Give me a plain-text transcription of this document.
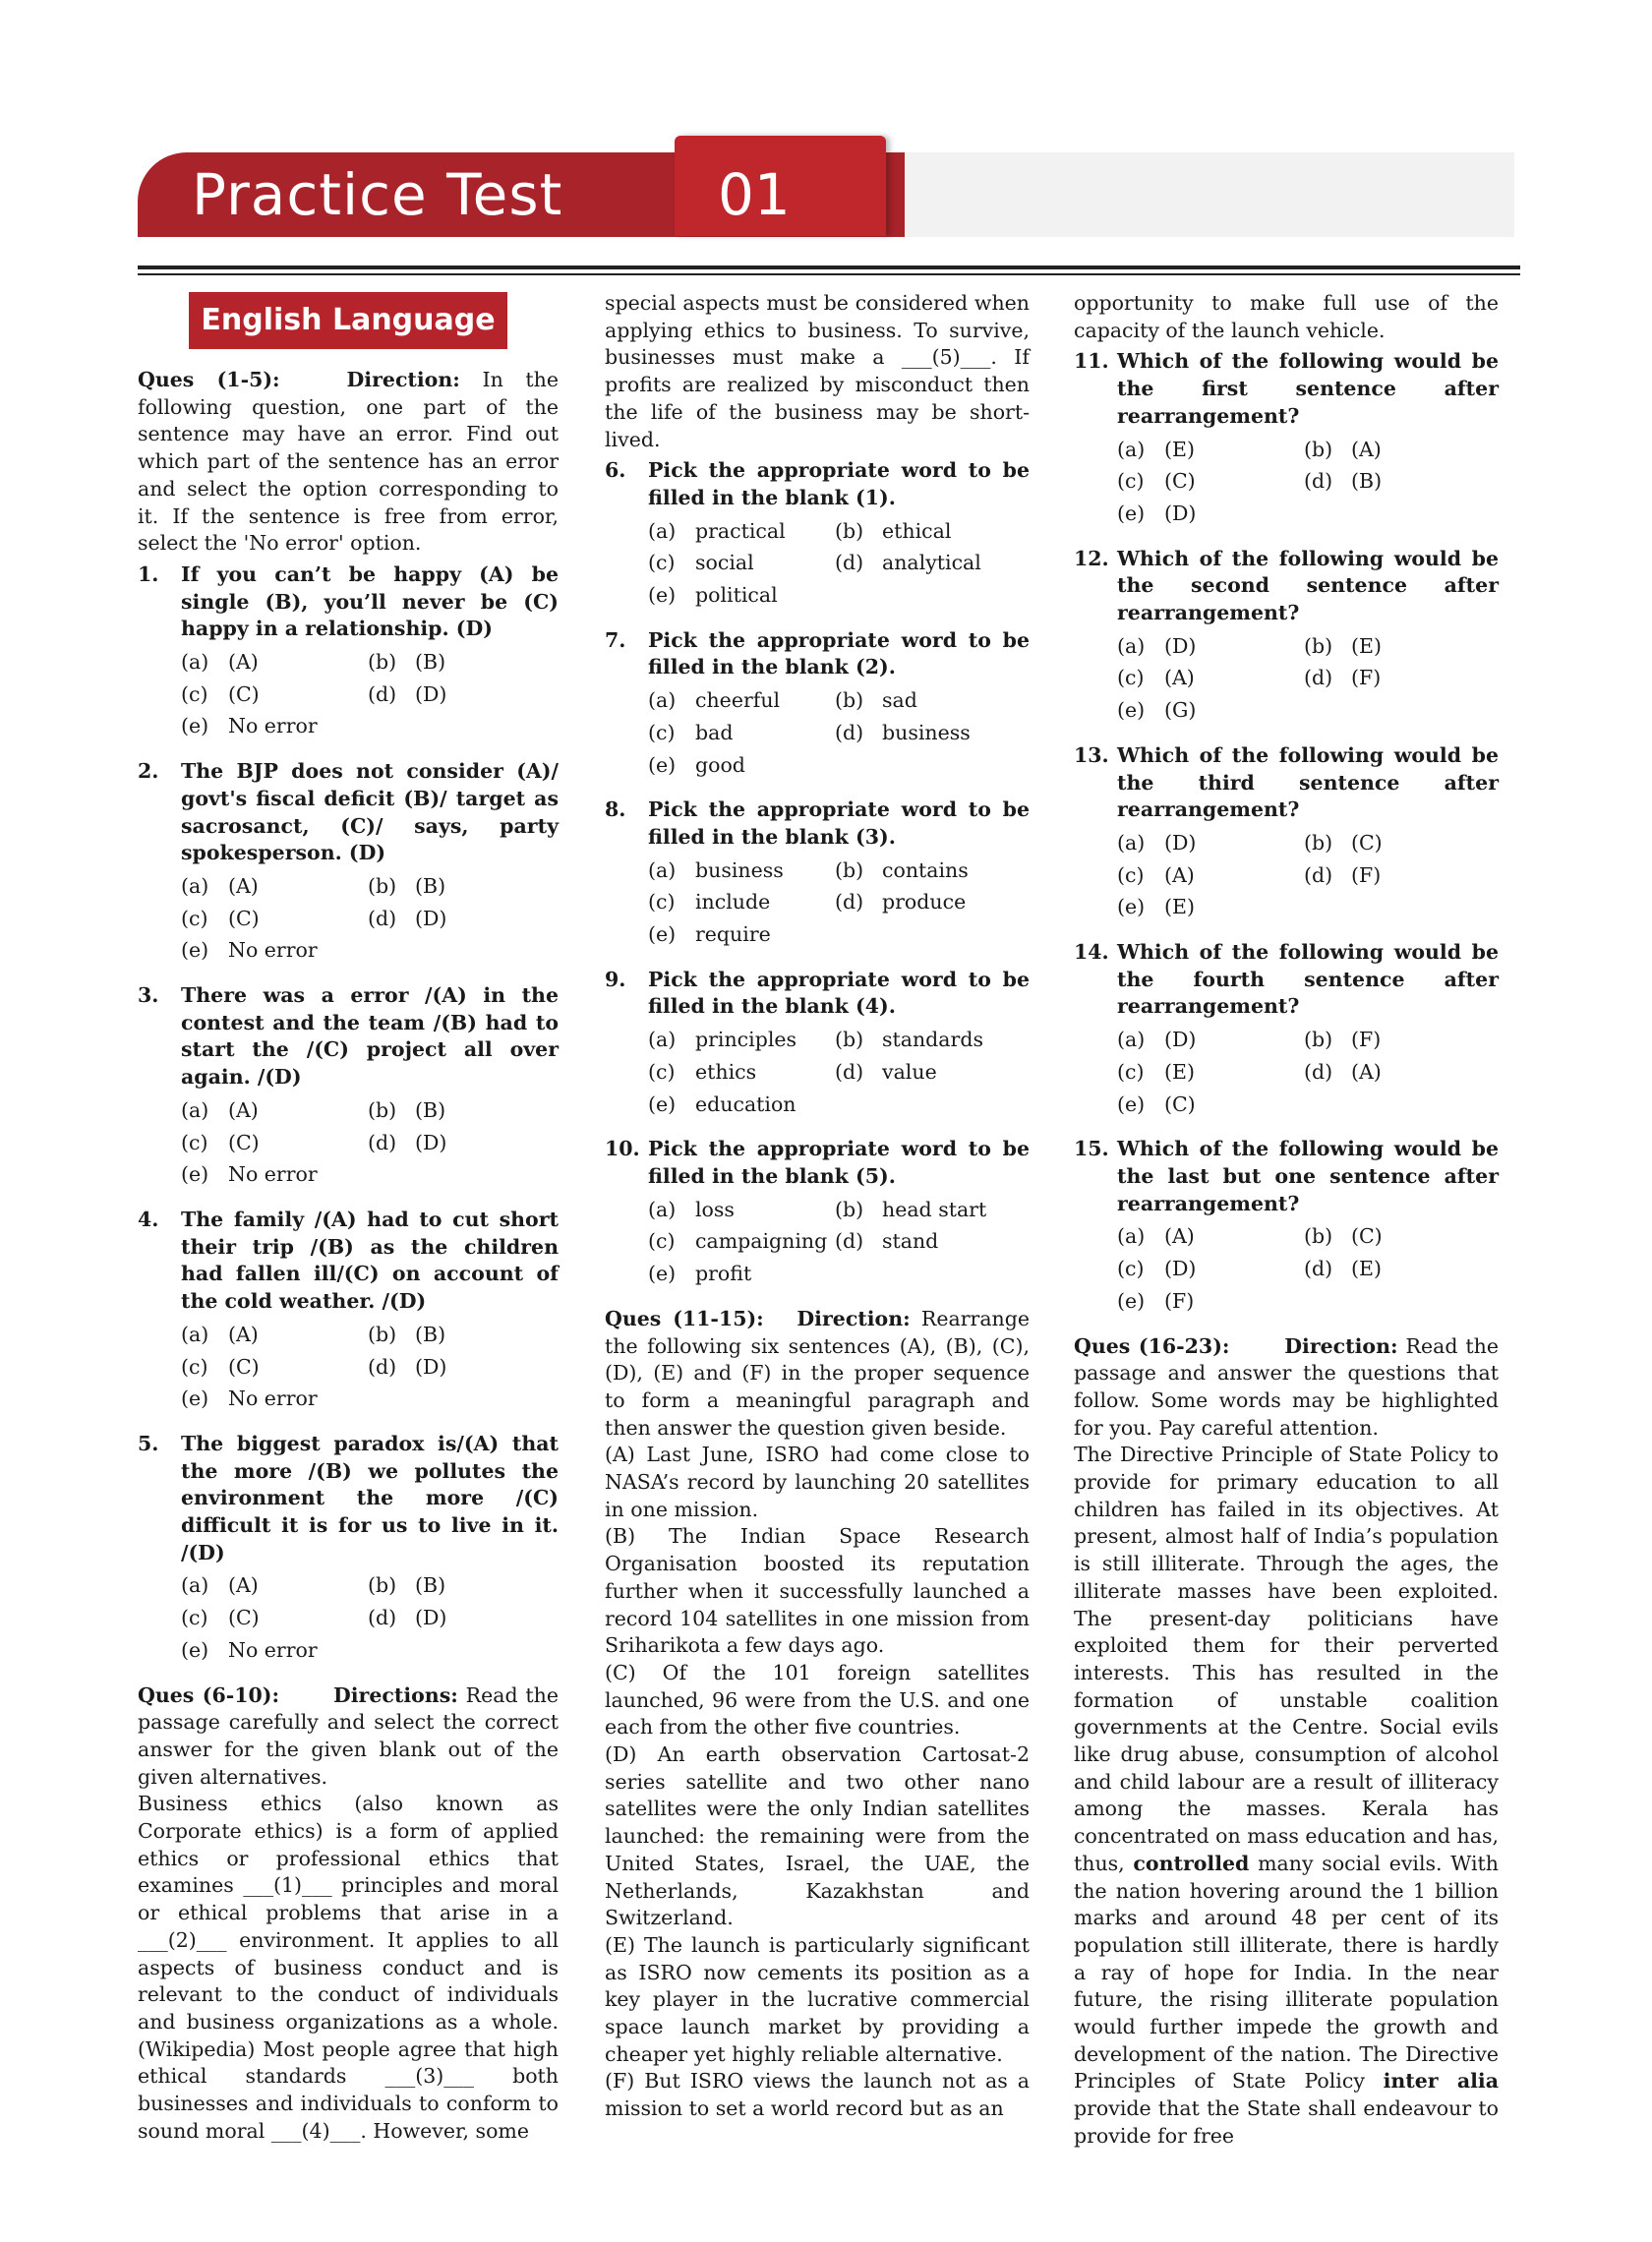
Practice Test	01
English Language

Ques (1-5):	Direction: In the following question, one part of the sentence may have an error. Find out which part of the sentence has an error and select the option corresponding to it. If the sentence is free from error, select the 'No error' option.

1.	If you can’t be happy (A) be single (B), you’ll never be (C) happy in a relationship. (D)
(a) (A)	(b) (B)
(c)	(C)	(d) (D)
(e) No error
2.	The BJP does not consider (A)/ govt's fiscal deficit (B)/ target as sacrosanct, (C)/ says, party spokesperson. (D)
(a) (A)	(b) (B)
(c)	(C)	(d) (D)
(e) No error
3.	There was a error /(A) in the contest and the team /(B) had to start the /(C) project all over again. /(D)
(a) (A)	(b) (B)
(c)	(C)	(d) (D)
(e) No error
4.	The family /(A) had to cut short their trip /(B) as the children had fallen ill/(C) on account of the cold weather. /(D)
(a) (A)	(b) (B)
(c)	(C)	(d) (D)
(e) No error
5.	The biggest paradox is/(A) that the more /(B) we pollutes the environment the more /(C) difficult it is for us to live in it. /(D)
(a) (A)	(b) (B)
(c)	(C)	(d) (D)
(e) No error

Ques (6-10):	Directions: Read the passage carefully and select the correct answer for the given blank out of the given alternatives.

Business ethics (also known as Corporate ethics) is a form of applied ethics or professional ethics that examines ___(1)___ principles and moral or ethical problems that arise in a ___(2)___ environment. It applies to all aspects of business conduct and is relevant to the conduct of individuals and business organizations as a whole. (Wikipedia) Most people agree that high ethical standards ___(3)___ both businesses and individuals to conform to sound moral ___(4)___. However, some

special aspects must be considered when applying ethics to business. To survive, businesses must make a ___(5)___. If profits are realized by misconduct then the life of the business may be short-lived.

6.	Pick the appropriate word to be filled in the blank (1).
(a) practical (b) ethical
(c)	social	(d) analytical
(e) political
7.	Pick the appropriate word to be filled in the blank (2).
(a) cheerful	(b) sad
(c)	bad	(d) business
(e) good
8.	Pick the appropriate word to be filled in the blank (3).
(a) business	(b) contains
(c)	include	(d) produce
(e) require
9.	Pick the appropriate word to be filled in the blank (4).
(a) principles (b) standards
(c)	ethics	(d) value
(e) education
10. Pick the appropriate word to be filled in the blank (5).
(a) loss	(b) head start
(c)	campaigning (d) stand
(e) profit

Ques (11-15): Direction: Rearrange the following six sentences (A), (B), (C), (D), (E) and (F) in the proper sequence to form a meaningful paragraph and then answer the question given beside.

(A) Last June, ISRO had come close to NASA’s record by launching 20 satellites in one mission.

(B) The Indian Space Research Organisation boosted its reputation further when it successfully launched a record 104 satellites in one mission from Sriharikota a few days ago.

(C) Of the 101 foreign satellites launched, 96 were from the U.S. and one each from the other five countries.

(D) An earth observation Cartosat-2 series satellite and two other nano satellites were the only Indian satellites launched: the remaining were from the United States, Israel, the UAE, the Netherlands, Kazakhstan and Switzerland.

(E) The launch is particularly significant as ISRO now cements its position as a key player in the lucrative commercial space launch market by providing a cheaper yet highly reliable alternative.

(F) But ISRO views the launch not as a mission to set a world record but as an

opportunity to make full use of the capacity of the launch vehicle.

11. Which of the following would be the first sentence after rearrangement?
(a) (E)	(b) (A)
(c)	(C)	(d) (B)
(e) (D)
12. Which of the following would be the second sentence after rearrangement?
(a) (D)	(b) (E)
(c)	(A)	(d) (F)
(e) (G)
13. Which of the following would be the third sentence after rearrangement?
(a) (D)	(b) (C)
(c)	(A)	(d) (F)
(e) (E)
14. Which of the following would be the fourth sentence after rearrangement?
(a) (D)	(b) (F)
(c)	(E)	(d) (A)
(e) (C)
15. Which of the following would be the last but one sentence after rearrangement?
(a) (A)	(b) (C)
(c)	(D)	(d) (E)
(e) (F)

Ques (16-23):	Direction: Read the passage and answer the questions that follow. Some words may be highlighted for you. Pay careful attention.

The Directive Principle of State Policy to provide for primary education to all children has failed in its objectives. At present, almost half of India’s population is still illiterate. Through the ages, the illiterate masses have been exploited. The present-day politicians have exploited them for their perverted interests. This has resulted in the formation of unstable coalition governments at the Centre. Social evils like drug abuse, consumption of alcohol and child labour are a result of illiteracy among the masses. Kerala has concentrated on mass education and has, thus, controlled many social evils. With the nation hovering around the 1 billion marks and around 48 per cent of its population still illiterate, there is hardly a ray of hope for India. In the near future, the rising illiterate population would further impede the growth and development of the nation. The Directive Principles of State Policy inter alia provide that the State shall endeavour to provide for free
